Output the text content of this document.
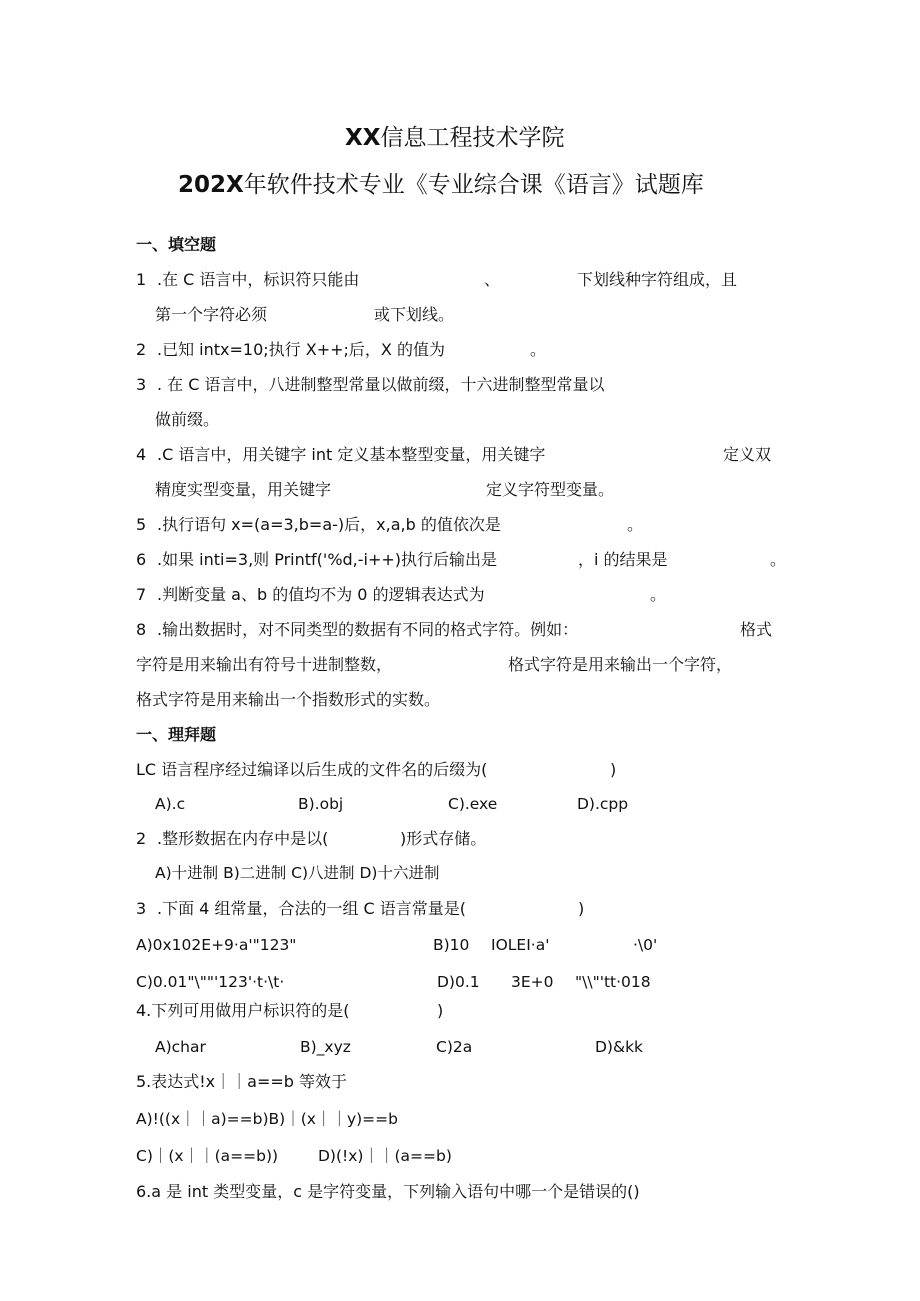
XX信息工程技术学院
202X年软件技术专业《专业综合课《语言》试题库
一、填空题
1 .在 C 语言中，标识符只能由	、	下划线种字符组成，且
第一个字符必须	或下划线。
2 .已知 intx=10;执行 X++;后，X 的值为	。
3 . 在 C 语言中，八进制整型常量以做前缀，十六进制整型常量以
做前缀。
4 .C 语言中，用关键字 int 定义基本整型变量，用关键字	定义双
精度实型变量，用关键字	定义字符型变量。
5 .执行语句 x=(a=3,b=a-)后，x,a,b 的值依次是	。
6 .如果 inti=3,则 Printf('%d,-i++)执行后输出是	，i 的结果是	。
7 .判断变量 a、b 的值均不为 0 的逻辑表达式为	。
8 .输出数据时，对不同类型的数据有不同的格式字符。例如：	格式
字符是用来输出有符号十进制整数，	格式字符是用来输出一个字符，
格式字符是用来输出一个指数形式的实数。
一、理拜题
LC 语言程序经过编译以后生成的文件名的后缀为(	)
A).c	B).obj	C).exe	D).cpp
2 .整形数据在内存中是以(	)形式存储。
A)十进制 B)二进制 C)八进制 D)十六进制
3 .下面 4 组常量，合法的一组 C 语言常量是(	)
A)0x102E+9·a'"123"	B)10 IOLEI·a'	·\0'
C)0.01"\""'123'·t·\t·	D)0.1 3E+0 "\\"'tt·018
4.下列可用做用户标识符的是(	)
A)char	B)_xyz	C)2a	D)&kk
5.表达式!x｜｜a==b 等效于
A)!((x｜｜a)==b)B)｜(x｜｜y)==b
C)｜(x｜｜(a==b))	D)(!x)｜｜(a==b)
6.a 是 int 类型变量，c 是字符变量，下列输入语句中哪一个是错误的()
